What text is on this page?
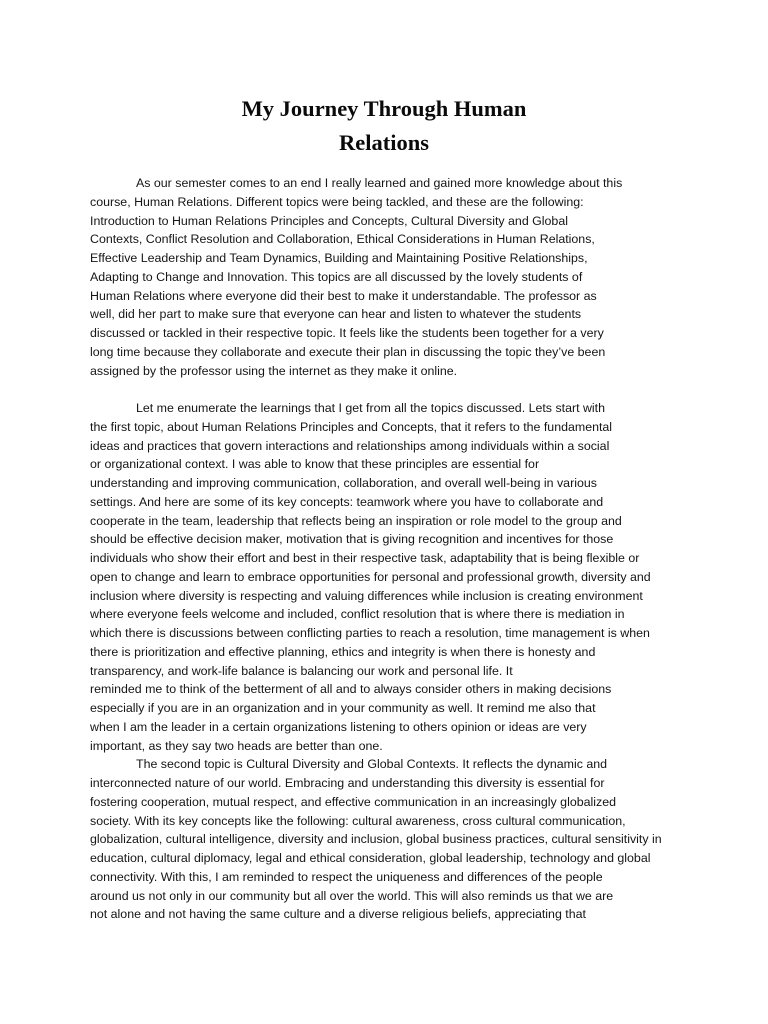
My Journey Through Human
Relations
As our semester comes to an end I really learned and gained more knowledge about this
course, Human Relations. Different topics were being tackled, and these are the following:
Introduction to Human Relations Principles and Concepts, Cultural Diversity and Global
Contexts, Conflict Resolution and Collaboration, Ethical Considerations in Human Relations,
Effective Leadership and Team Dynamics, Building and Maintaining Positive Relationships,
Adapting to Change and Innovation. This topics are all discussed by the lovely students of
Human Relations where everyone did their best to make it understandable. The professor as
well, did her part to make sure that everyone can hear and listen to whatever the students
discussed or tackled in their respective topic. It feels like the students been together for a very
long time because they collaborate and execute their plan in discussing the topic they’ve been
assigned by the professor using the internet as they make it online.
Let me enumerate the learnings that I get from all the topics discussed. Lets start with
the first topic, about Human Relations Principles and Concepts, that it refers to the fundamental
ideas and practices that govern interactions and relationships among individuals within a social
or organizational context. I was able to know that these principles are essential for
understanding and improving communication, collaboration, and overall well-being in various
settings. And here are some of its key concepts: teamwork where you have to collaborate and
cooperate in the team, leadership that reflects being an inspiration or role model to the group and
should be effective decision maker, motivation that is giving recognition and incentives for those
individuals who show their effort and best in their respective task, adaptability that is being flexible or
open to change and learn to embrace opportunities for personal and professional growth, diversity and
inclusion where diversity is respecting and valuing differences while inclusion is creating environment
where everyone feels welcome and included, conflict resolution that is where there is mediation in
which there is discussions between conflicting parties to reach a resolution, time management is when
there is prioritization and effective planning, ethics and integrity is when there is honesty and
transparency, and work-life balance is balancing our work and personal life. It
reminded me to think of the betterment of all and to always consider others in making decisions
especially if you are in an organization and in your community as well. It remind me also that
when I am the leader in a certain organizations listening to others opinion or ideas are very
important, as they say two heads are better than one.
The second topic is Cultural Diversity and Global Contexts. It reflects the dynamic and
interconnected nature of our world. Embracing and understanding this diversity is essential for
fostering cooperation, mutual respect, and effective communication in an increasingly globalized
society. With its key concepts like the following: cultural awareness, cross cultural communication,
globalization, cultural intelligence, diversity and inclusion, global business practices, cultural sensitivity in
education, cultural diplomacy, legal and ethical consideration, global leadership, technology and global
connectivity. With this, I am reminded to respect the uniqueness and differences of the people
around us not only in our community but all over the world. This will also reminds us that we are
not alone and not having the same culture and a diverse religious beliefs, appreciating that
